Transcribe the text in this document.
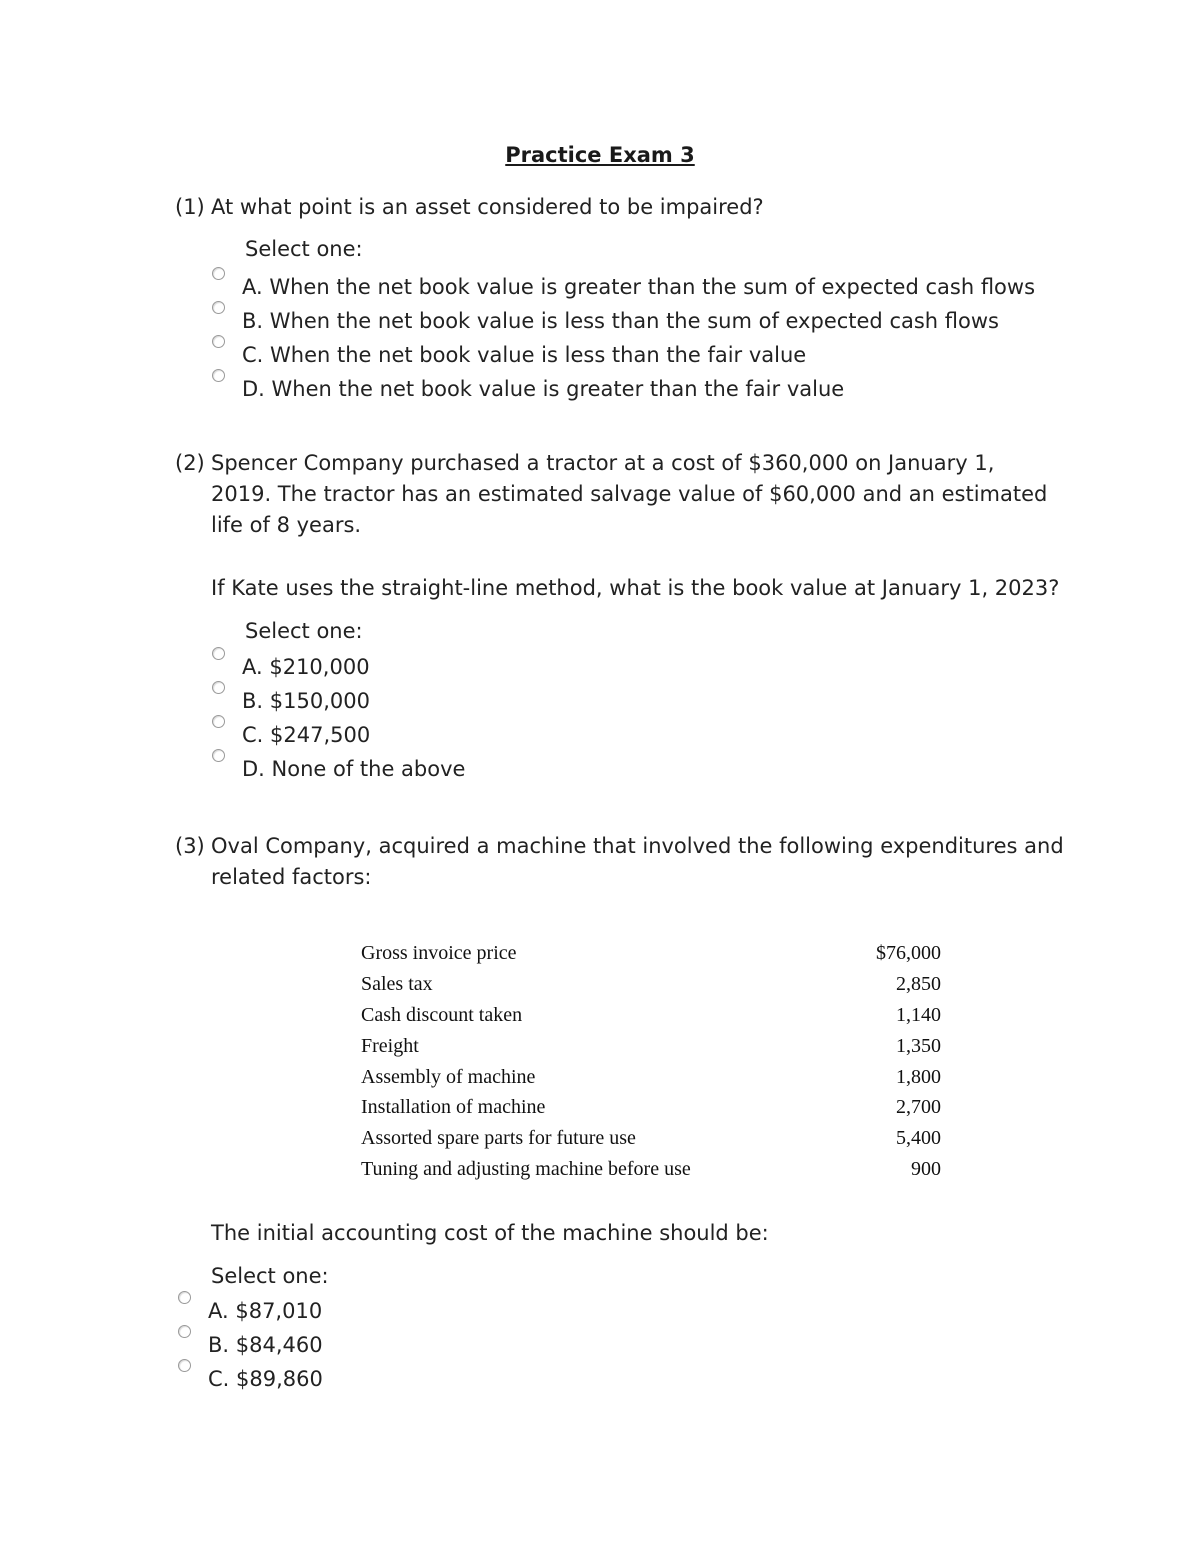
Practice Exam 3
(1) At what point is an asset considered to be impaired?
Select one:
A. When the net book value is greater than the sum of expected cash flows
B. When the net book value is less than the sum of expected cash flows
C. When the net book value is less than the fair value
D. When the net book value is greater than the fair value
(2) Spencer Company purchased a tractor at a cost of $360,000 on January 1, 2019. The tractor has an estimated salvage value of $60,000 and an estimated life of 8 years.
If Kate uses the straight-line method, what is the book value at January 1, 2023?
Select one:
A. $210,000
B. $150,000
C. $247,500
D. None of the above
(3) Oval Company, acquired a machine that involved the following expenditures and related factors:
Gross invoice price	$76,000
Sales tax	2,850
Cash discount taken	1,140
Freight	1,350
Assembly of machine	1,800
Installation of machine	2,700
Assorted spare parts for future use	5,400
Tuning and adjusting machine before use	900
The initial accounting cost of the machine should be:
Select one:
A. $87,010
B. $84,460
C. $89,860
